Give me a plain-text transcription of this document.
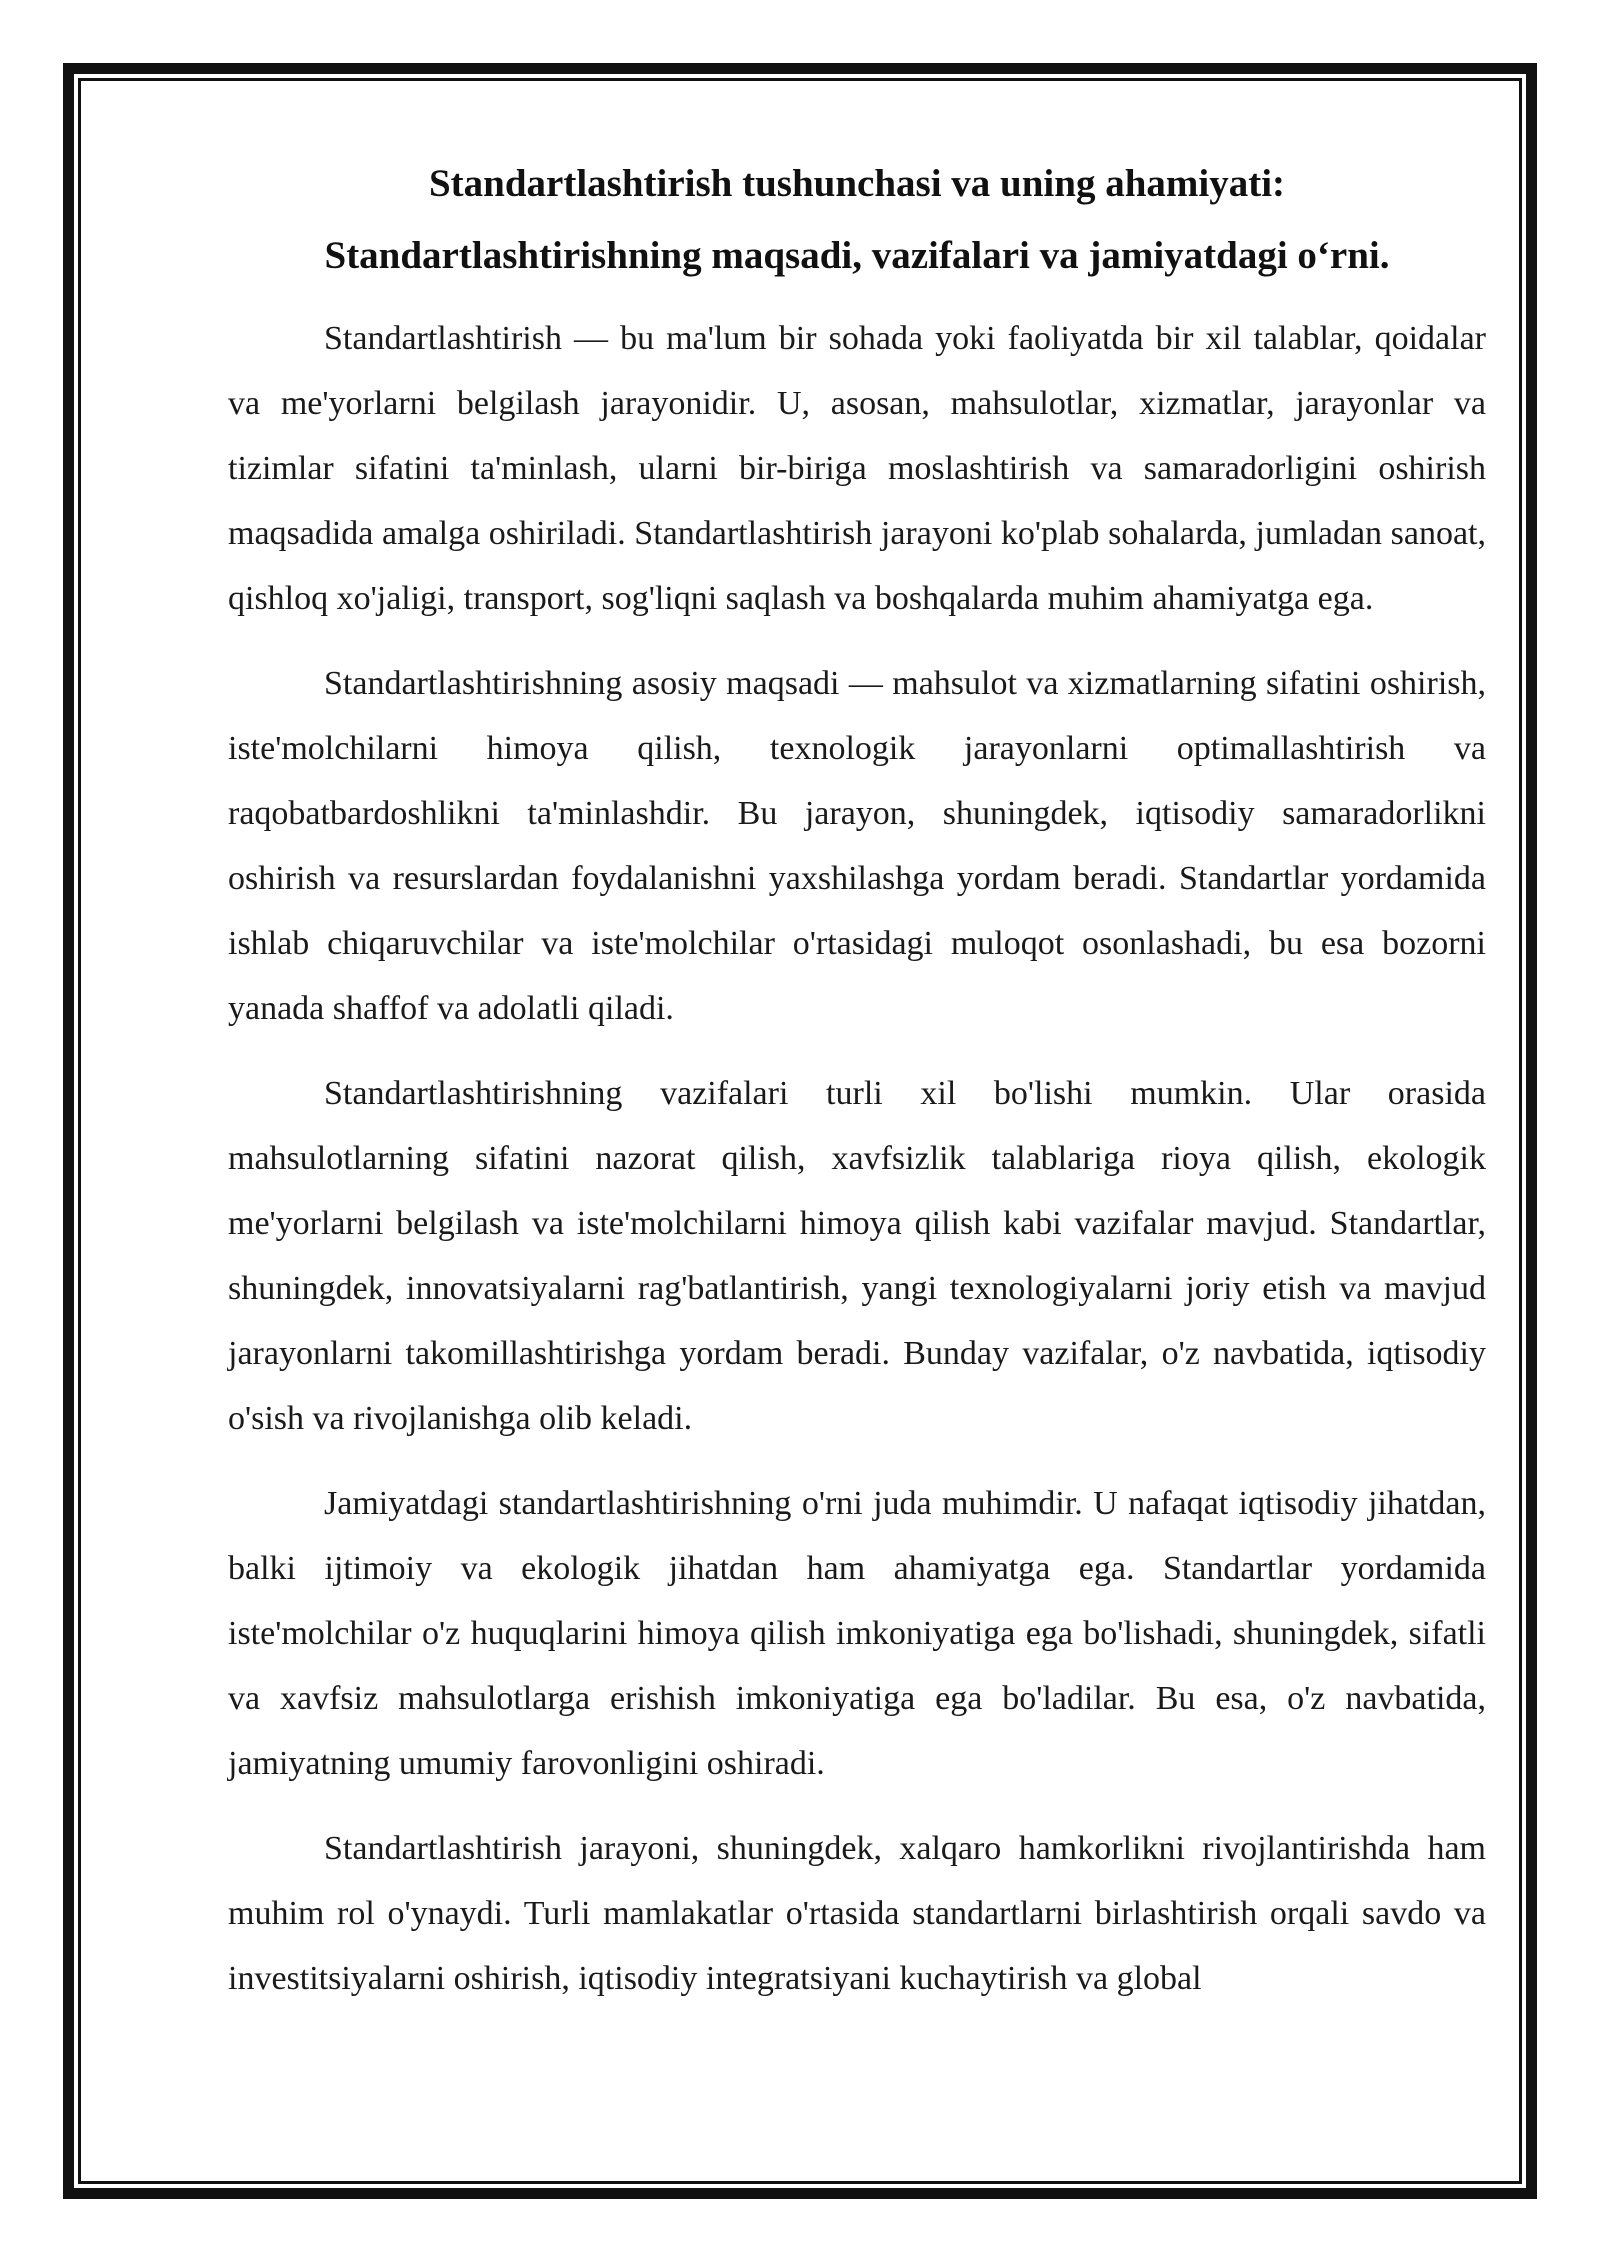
Standartlashtirish tushunchasi va uning ahamiyati:
Standartlashtirishning maqsadi, vazifalari va jamiyatdagi o‘rni.

Standartlashtirish — bu ma'lum bir sohada yoki faoliyatda bir xil talablar, qoidalar va me'yorlarni belgilash jarayonidir. U, asosan, mahsulotlar, xizmatlar, jarayonlar va tizimlar sifatini ta'minlash, ularni bir-biriga moslashtirish va samaradorligini oshirish maqsadida amalga oshiriladi. Standartlashtirish jarayoni ko'plab sohalarda, jumladan sanoat, qishloq xo'jaligi, transport, sog'liqni saqlash va boshqalarda muhim ahamiyatga ega.

Standartlashtirishning asosiy maqsadi — mahsulot va xizmatlarning sifatini oshirish, iste'molchilarni himoya qilish, texnologik jarayonlarni optimallashtirish va raqobatbardoshlikni ta'minlashdir. Bu jarayon, shuningdek, iqtisodiy samaradorlikni oshirish va resurslardan foydalanishni yaxshilashga yordam beradi. Standartlar yordamida ishlab chiqaruvchilar va iste'molchilar o'rtasidagi muloqot osonlashadi, bu esa bozorni yanada shaffof va adolatli qiladi.

Standartlashtirishning vazifalari turli xil bo'lishi mumkin. Ular orasida mahsulotlarning sifatini nazorat qilish, xavfsizlik talablariga rioya qilish, ekologik me'yorlarni belgilash va iste'molchilarni himoya qilish kabi vazifalar mavjud. Standartlar, shuningdek, innovatsiyalarni rag'batlantirish, yangi texnologiyalarni joriy etish va mavjud jarayonlarni takomillashtirishga yordam beradi. Bunday vazifalar, o'z navbatida, iqtisodiy o'sish va rivojlanishga olib keladi.

Jamiyatdagi standartlashtirishning o'rni juda muhimdir. U nafaqat iqtisodiy jihatdan, balki ijtimoiy va ekologik jihatdan ham ahamiyatga ega. Standartlar yordamida iste'molchilar o'z huquqlarini himoya qilish imkoniyatiga ega bo'lishadi, shuningdek, sifatli va xavfsiz mahsulotlarga erishish imkoniyatiga ega bo'ladilar. Bu esa, o'z navbatida, jamiyatning umumiy farovonligini oshiradi.

Standartlashtirish jarayoni, shuningdek, xalqaro hamkorlikni rivojlantirishda ham muhim rol o'ynaydi. Turli mamlakatlar o'rtasida standartlarni birlashtirish orqali savdo va investitsiyalarni oshirish, iqtisodiy integratsiyani kuchaytirish va global
